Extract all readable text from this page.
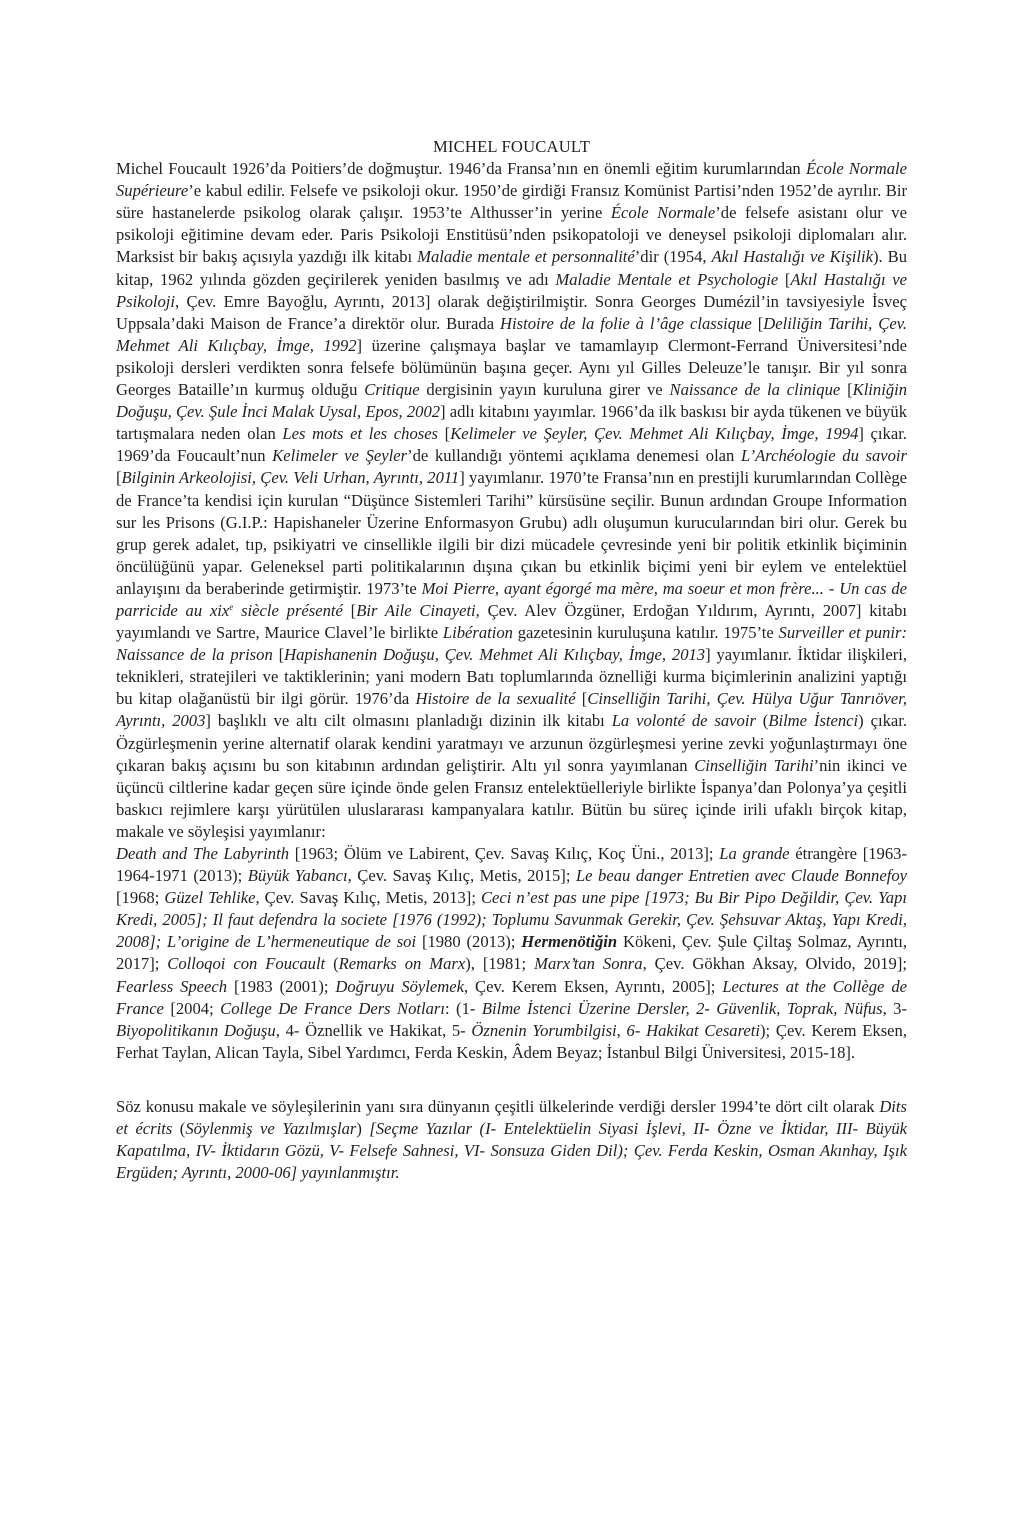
MICHEL FOUCAULT

Michel Foucault 1926’da Poitiers’de doğmuştur. 1946’da Fransa’nın en önemli eğitim kurumlarından École Normale Supérieure’e kabul edilir. Felsefe ve psikoloji okur. 1950’de girdiği Fransız Komünist Partisi’nden 1952’de ayrılır. Bir süre hastanelerde psikolog olarak çalışır. 1953’te Althusser’in yerine École Normale’de felsefe asistanı olur ve psikoloji eğitimine devam eder. Paris Psikoloji Enstitüsü’nden psikopatoloji ve deneysel psikoloji diplomaları alır. Marksist bir bakış açısıyla yazdığı ilk kitabı Maladie mentale et personnalité’dir (1954, Akıl Hastalığı ve Kişilik). Bu kitap, 1962 yılında gözden geçirilerek yeniden basılmış ve adı Maladie Mentale et Psychologie [Akıl Hastalığı ve Psikoloji, Çev. Emre Bayoğlu, Ayrıntı, 2013] olarak değiştirilmiştir. Sonra Georges Dumézil’in tavsiyesiyle İsveç Uppsala’daki Maison de France’a direktör olur. Burada Histoire de la folie à l’âge classique [Deliliğin Tarihi, Çev. Mehmet Ali Kılıçbay, İmge, 1992] üzerine çalışmaya başlar ve tamamlayıp Clermont-Ferrand Üniversitesi’nde psikoloji dersleri verdikten sonra felsefe bölümünün başına geçer. Aynı yıl Gilles Deleuze’le tanışır. Bir yıl sonra Georges Bataille’ın kurmuş olduğu Critique dergisinin yayın kuruluna girer ve Naissance de la clinique [Kliniğin Doğuşu, Çev. Şule İnci Malak Uysal, Epos, 2002] adlı kitabını yayımlar. 1966’da ilk baskısı bir ayda tükenen ve büyük tartışmalara neden olan Les mots et les choses [Kelimeler ve Şeyler, Çev. Mehmet Ali Kılıçbay, İmge, 1994] çıkar. 1969’da Foucault’nun Kelimeler ve Şeyler’de kullandığı yöntemi açıklama denemesi olan L’Archéologie du savoir [Bilginin Arkeolojisi, Çev. Veli Urhan, Ayrıntı, 2011] yayımlanır. 1970’te Fransa’nın en prestijli kurumlarından Collège de France’ta kendisi için kurulan “Düşünce Sistemleri Tarihi” kürsüsüne seçilir. Bunun ardından Groupe Information sur les Prisons (G.I.P.: Hapishaneler Üzerine Enformasyon Grubu) adlı oluşumun kurucularından biri olur. Gerek bu grup gerek adalet, tıp, psikiyatri ve cinsellikle ilgili bir dizi mücadele çevresinde yeni bir politik etkinlik biçiminin öncülüğünü yapar. Geleneksel parti politikalarının dışına çıkan bu etkinlik biçimi yeni bir eylem ve entelektüel anlayışını da beraberinde getirmiştir. 1973’te Moi Pierre, ayant égorgé ma mère, ma soeur et mon frère... - Un cas de parricide au xix$^e$ siècle présenté [Bir Aile Cinayeti, Çev. Alev Özgüner, Erdoğan Yıldırım, Ayrıntı, 2007] kitabı yayımlandı ve Sartre, Maurice Clavel’le birlikte Libération gazetesinin kuruluşuna katılır. 1975’te Surveiller et punir: Naissance de la prison [Hapishanenin Doğuşu, Çev. Mehmet Ali Kılıçbay, İmge, 2013] yayımlanır. İktidar ilişkileri, teknikleri, stratejileri ve taktiklerinin; yani modern Batı toplumlarında öznelliği kurma biçimlerinin analizini yaptığı bu kitap olağanüstü bir ilgi görür. 1976’da Histoire de la sexualité [Cinselliğin Tarihi, Çev. Hülya Uğur Tanrıöver, Ayrıntı, 2003] başlıklı ve altı cilt olmasını planladığı dizinin ilk kitabı La volonté de savoir (Bilme İstenci) çıkar. Özgürleşmenin yerine alternatif olarak kendini yaratmayı ve arzunun özgürleşmesi yerine zevki yoğunlaştırmayı öne çıkaran bakış açısını bu son kitabının ardından geliştirir. Altı yıl sonra yayımlanan Cinselliğin Tarihi’nin ikinci ve üçüncü ciltlerine kadar geçen süre içinde önde gelen Fransız entelektüelleriyle birlikte İspanya’dan Polonya’ya çeşitli baskıcı rejimlere karşı yürütülen uluslararası kampanyalara katılır. Bütün bu süreç içinde irili ufaklı birçok kitap, makale ve söyleşisi yayımlanır:

Death and The Labyrinth [1963; Ölüm ve Labirent, Çev. Savaş Kılıç, Koç Üni., 2013]; La grande étrangère [1963-1964-1971 (2013); Büyük Yabancı, Çev. Savaş Kılıç, Metis, 2015]; Le beau danger Entretien avec Claude Bonnefoy [1968; Güzel Tehlike, Çev. Savaş Kılıç, Metis, 2013]; Ceci n’est pas une pipe [1973; Bu Bir Pipo Değildir, Çev. Yapı Kredi, 2005]; Il faut defendra la societe [1976 (1992); Toplumu Savunmak Gerekir, Çev. Şehsuvar Aktaş, Yapı Kredi, 2008]; L’origine de L’hermeneutique de soi [1980 (2013); Hermenötiğin Kökeni, Çev. Şule Çiltaş Solmaz, Ayrıntı, 2017]; Colloqoi con Foucault (Remarks on Marx), [1981; Marx’tan Sonra, Çev. Gökhan Aksay, Olvido, 2019]; Fearless Speech [1983 (2001); Doğruyu Söylemek, Çev. Kerem Eksen, Ayrıntı, 2005]; Lectures at the Collège de France [2004; College De France Ders Notları: (1- Bilme İstenci Üzerine Dersler, 2- Güvenlik, Toprak, Nüfus, 3- Biyopolitikanın Doğuşu, 4- Öznellik ve Hakikat, 5- Öznenin Yorumbilgisi, 6- Hakikat Cesareti); Çev. Kerem Eksen, Ferhat Taylan, Alican Tayla, Sibel Yardımcı, Ferda Keskin, Âdem Beyaz; İstanbul Bilgi Üniversitesi, 2015-18].

Söz konusu makale ve söyleşilerinin yanı sıra dünyanın çeşitli ülkelerinde verdiği dersler 1994’te dört cilt olarak Dits et écrits (Söylenmiş ve Yazılmışlar) [Seçme Yazılar (I- Entelektüelin Siyasi İşlevi, II- Özne ve İktidar, III- Büyük Kapatılma, IV- İktidarın Gözü, V- Felsefe Sahnesi, VI- Sonsuza Giden Dil); Çev. Ferda Keskin, Osman Akınhay, Işık Ergüden; Ayrıntı, 2000-06] yayınlanmıştır.
